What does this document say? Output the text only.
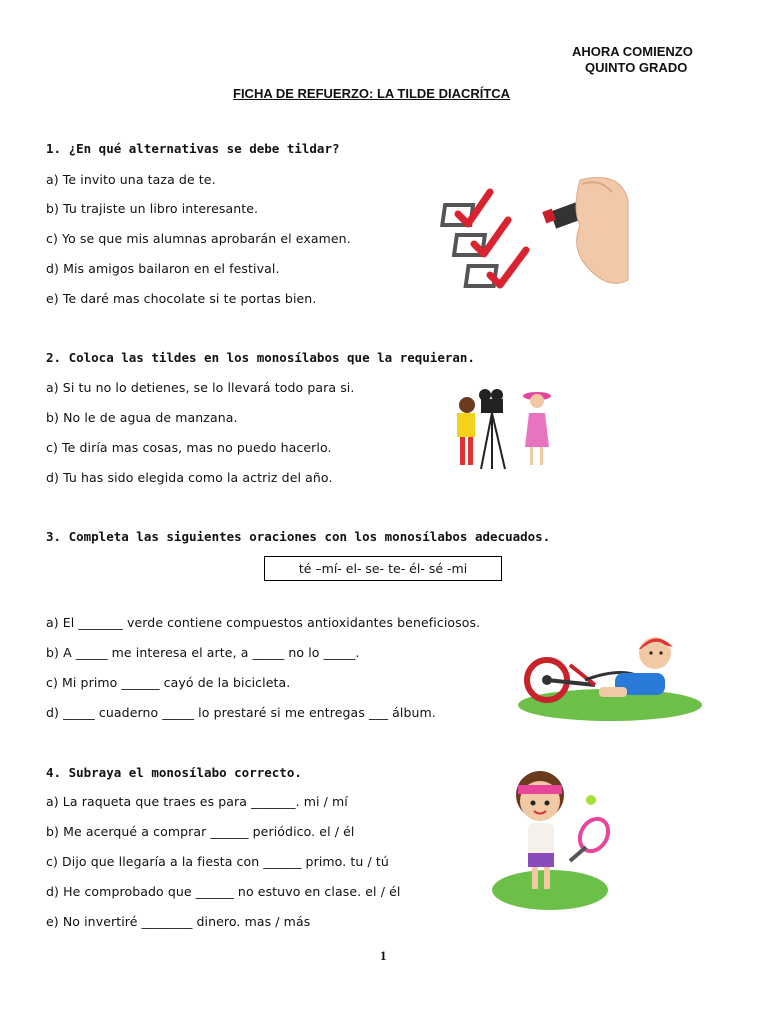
AHORA COMIENZO
QUINTO GRADO
FICHA DE REFUERZO: LA TILDE DIACRÍTCA
1. ¿En qué alternativas se debe tildar?
a) Te invito una taza de te.
b) Tu trajiste un libro interesante.
c) Yo se que mis alumnas aprobarán el examen.
d) Mis amigos bailaron en el festival.
e) Te daré mas chocolate si te portas bien.
2. Coloca las tildes en los monosílabos que la requieran.
a) Si tu no lo detienes, se lo llevará todo para si.
b) No le de agua de manzana.
c) Te diría mas cosas, mas no puedo hacerlo.
d) Tu has sido elegida como la actriz del año.
3. Completa las siguientes oraciones con los monosílabos adecuados.
té –mí- el- se- te- él- sé -mi
a) El _______ verde contiene compuestos antioxidantes beneficiosos.
b) A _____ me interesa el arte, a _____ no lo _____.
c) Mi primo ______ cayó de la bicicleta.
d) _____ cuaderno _____ lo prestaré si me entregas ___ álbum.
4. Subraya el monosílabo correcto.
a) La raqueta que traes es para _______. mi / mí
b) Me acerqué a comprar ______ periódico. el / él
c) Dijo que llegaría a la fiesta con ______ primo. tu / tú
d) He comprobado que ______ no estuvo en clase. el / él
e) No invertiré ________ dinero. mas / más
1
